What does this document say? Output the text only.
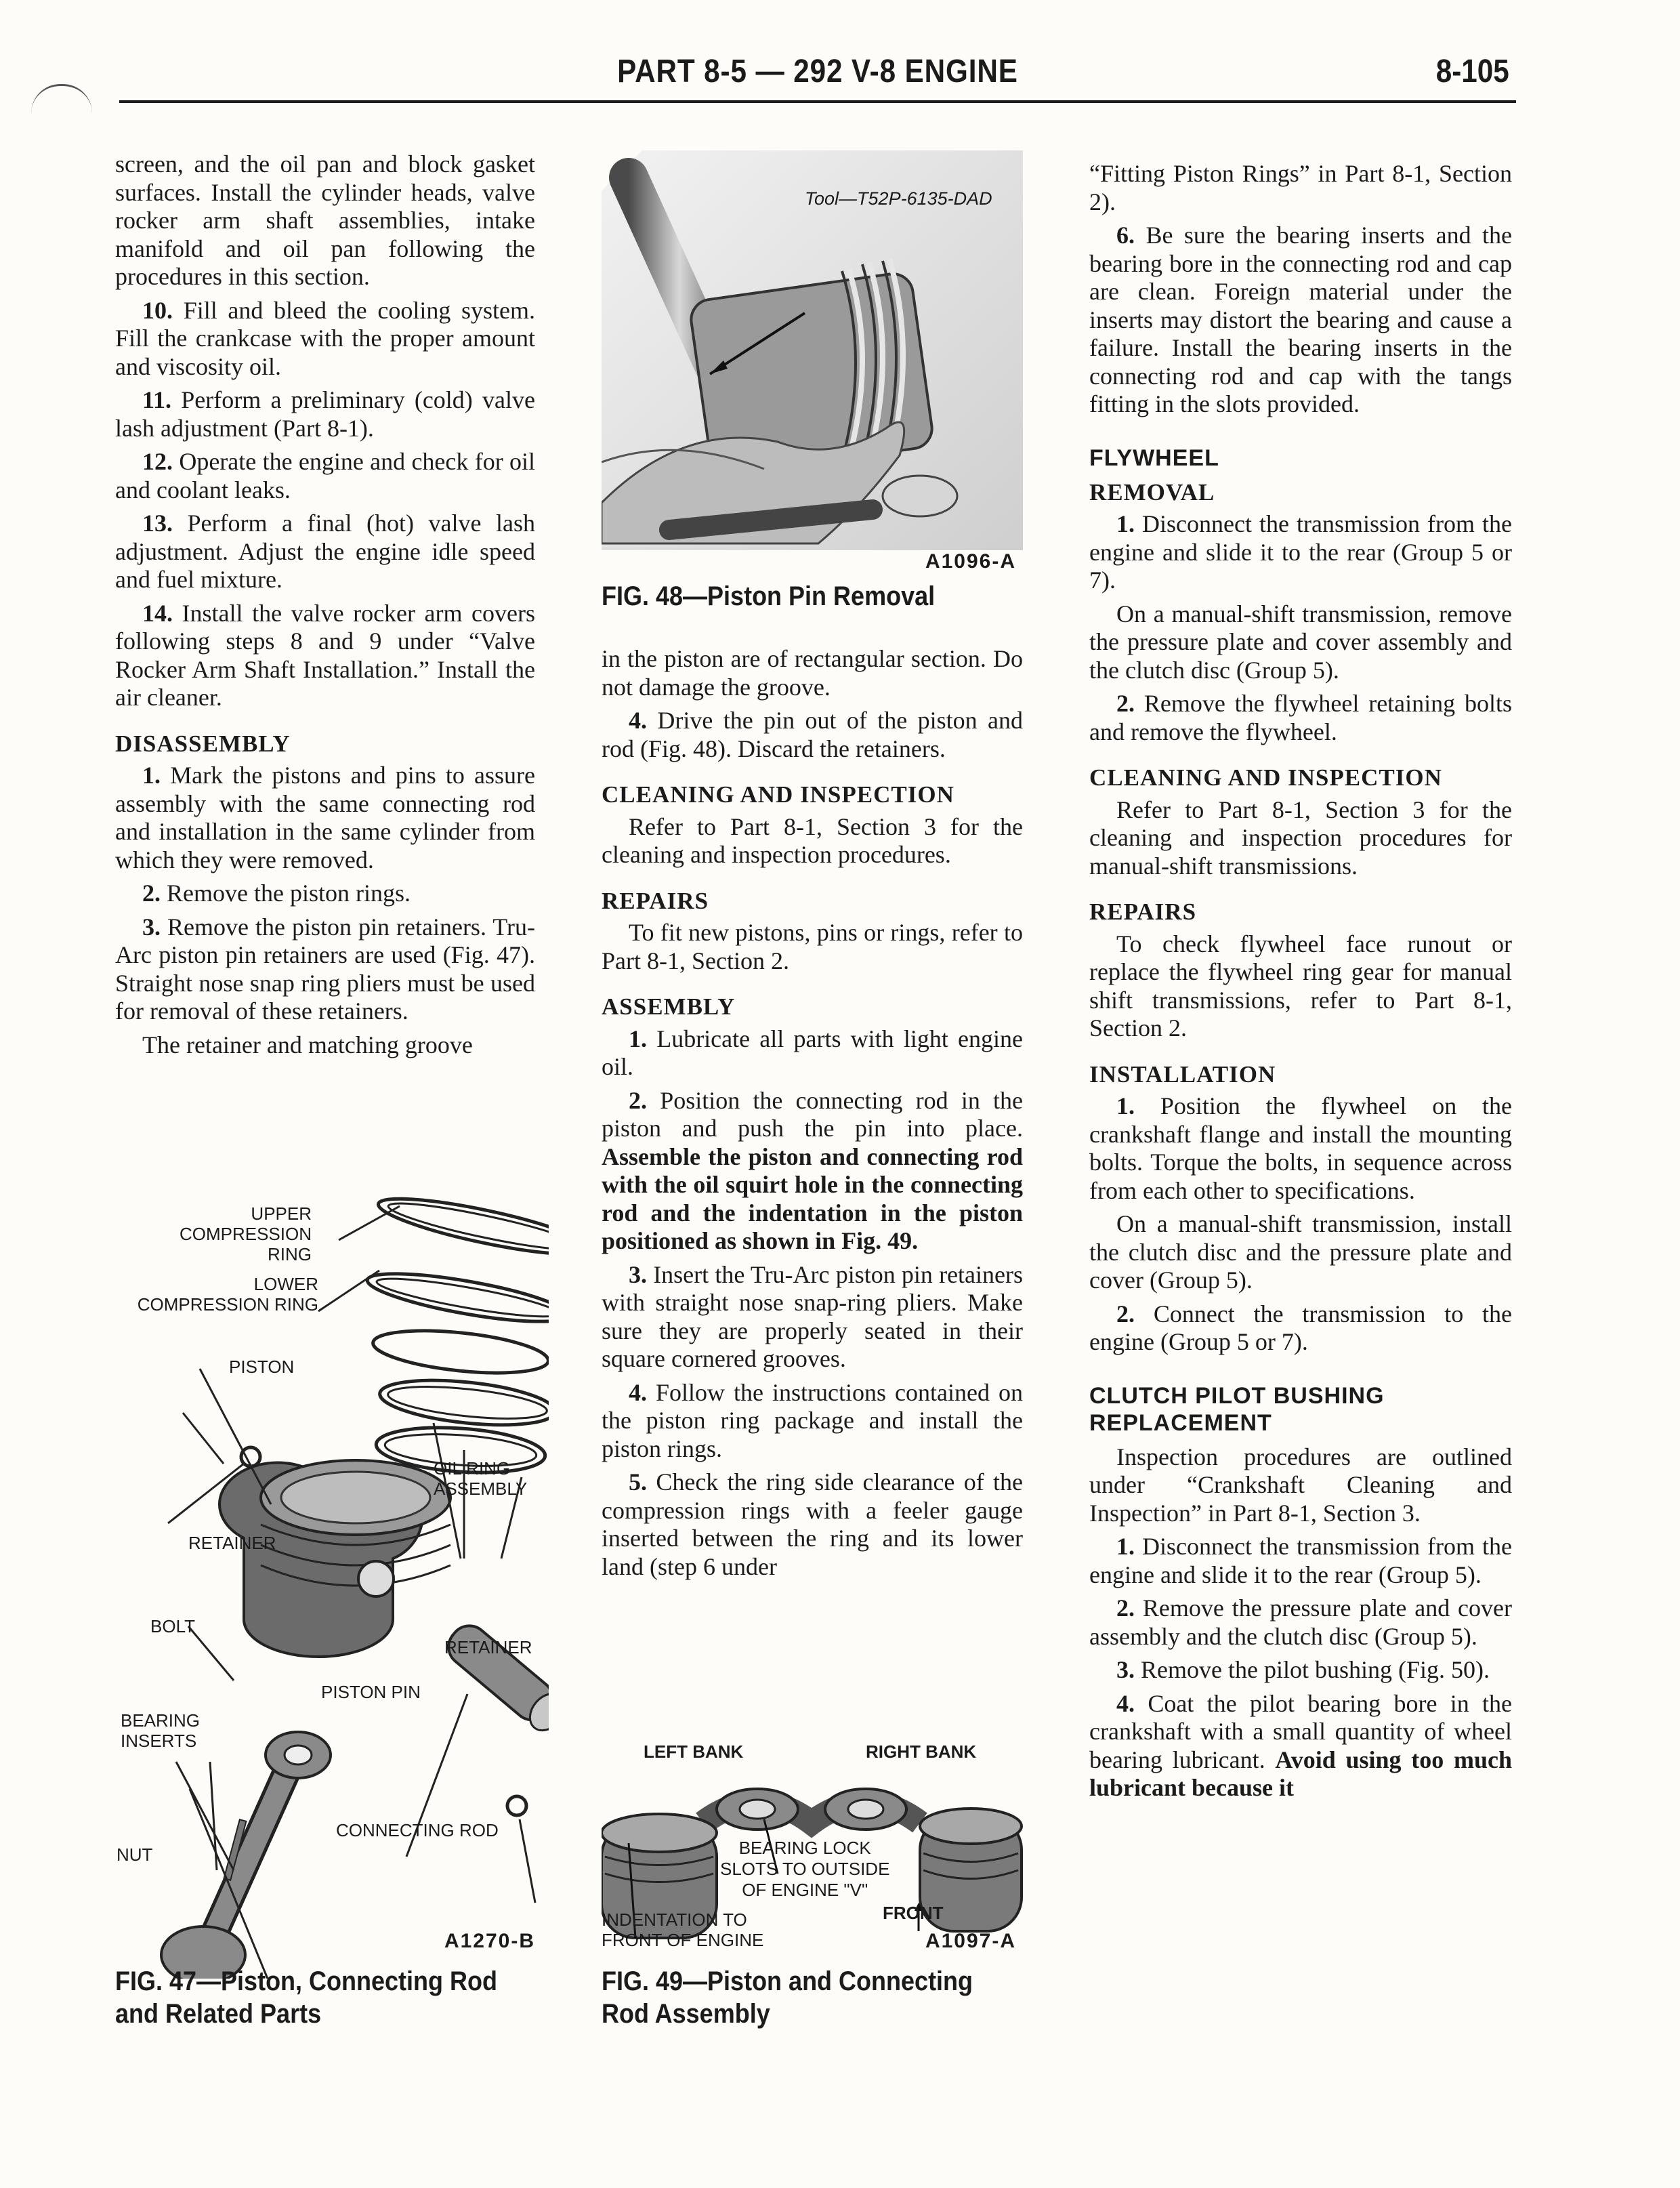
PART 8-5 — 292 V-8 ENGINE	8-105

screen, and the oil pan and block gasket surfaces. Install the cylinder heads, valve rocker arm shaft assemblies, intake manifold and oil pan following the procedures in this section.

10. Fill and bleed the cooling system. Fill the crankcase with the proper amount and viscosity oil.

11. Perform a preliminary (cold) valve lash adjustment (Part 8-1).

12. Operate the engine and check for oil and coolant leaks.

13. Perform a final (hot) valve lash adjustment. Adjust the engine idle speed and fuel mixture.

14. Install the valve rocker arm covers following steps 8 and 9 under “Valve Rocker Arm Shaft Installation.” Install the air cleaner.

DISASSEMBLY

1. Mark the pistons and pins to assure assembly with the same connecting rod and installation in the same cylinder from which they were removed.

2. Remove the piston rings.

3. Remove the piston pin retainers. Tru-Arc piston pin retainers are used (Fig. 47). Straight nose snap ring pliers must be used for removal of these retainers.

The retainer and matching groove

UPPER
COMPRESSION RING
LOWER
COMPRESSION RING
PISTON
OIL RING
ASSEMBLY
RETAINER
BOLT
RETAINER
PISTON PIN
BEARING
INSERTS
CONNECTING ROD
NUT
A1270-B
FIG. 47—Piston, Connecting Rod and Related Parts
Tool—T52P-6135-DAD
A1096-A
FIG. 48—Piston Pin Removal

in the piston are of rectangular section. Do not damage the groove.

4. Drive the pin out of the piston and rod (Fig. 48). Discard the retainers.

CLEANING AND INSPECTION

Refer to Part 8-1, Section 3 for the cleaning and inspection procedures.

REPAIRS

To fit new pistons, pins or rings, refer to Part 8-1, Section 2.

ASSEMBLY

1. Lubricate all parts with light engine oil.

2. Position the connecting rod in the piston and push the pin into place. Assemble the piston and connecting rod with the oil squirt hole in the connecting rod and the indentation in the piston positioned as shown in Fig. 49.

3. Insert the Tru-Arc piston pin retainers with straight nose snap-ring pliers. Make sure they are properly seated in their square cornered grooves.

4. Follow the instructions contained on the piston ring package and install the piston rings.

5. Check the ring side clearance of the compression rings with a feeler gauge inserted between the ring and its lower land (step 6 under

LEFT BANK	RIGHT BANK
BEARING LOCK
SLOTS TO OUTSIDE
OF ENGINE "V"
INDENTATION TO
FRONT OF ENGINE
FRONT
A1097-A
FIG. 49—Piston and Connecting Rod Assembly

“Fitting Piston Rings” in Part 8-1, Section 2).

6. Be sure the bearing inserts and the bearing bore in the connecting rod and cap are clean. Foreign material under the inserts may distort the bearing and cause a failure. Install the bearing inserts in the connecting rod and cap with the tangs fitting in the slots provided.

FLYWHEEL
REMOVAL

1. Disconnect the transmission from the engine and slide it to the rear (Group 5 or 7).

On a manual-shift transmission, remove the pressure plate and cover assembly and the clutch disc (Group 5).

2. Remove the flywheel retaining bolts and remove the flywheel.

CLEANING AND INSPECTION

Refer to Part 8-1, Section 3 for the cleaning and inspection procedures for manual-shift transmissions.

REPAIRS

To check flywheel face runout or replace the flywheel ring gear for manual shift transmissions, refer to Part 8-1, Section 2.

INSTALLATION

1. Position the flywheel on the crankshaft flange and install the mounting bolts. Torque the bolts, in sequence across from each other to specifications.

On a manual-shift transmission, install the clutch disc and the pressure plate and cover (Group 5).

2. Connect the transmission to the engine (Group 5 or 7).

CLUTCH PILOT BUSHING REPLACEMENT

Inspection procedures are outlined under “Crankshaft Cleaning and Inspection” in Part 8-1, Section 3.

1. Disconnect the transmission from the engine and slide it to the rear (Group 5).

2. Remove the pressure plate and cover assembly and the clutch disc (Group 5).

3. Remove the pilot bushing (Fig. 50).

4. Coat the pilot bearing bore in the crankshaft with a small quantity of wheel bearing lubricant. Avoid using too much lubricant because it
